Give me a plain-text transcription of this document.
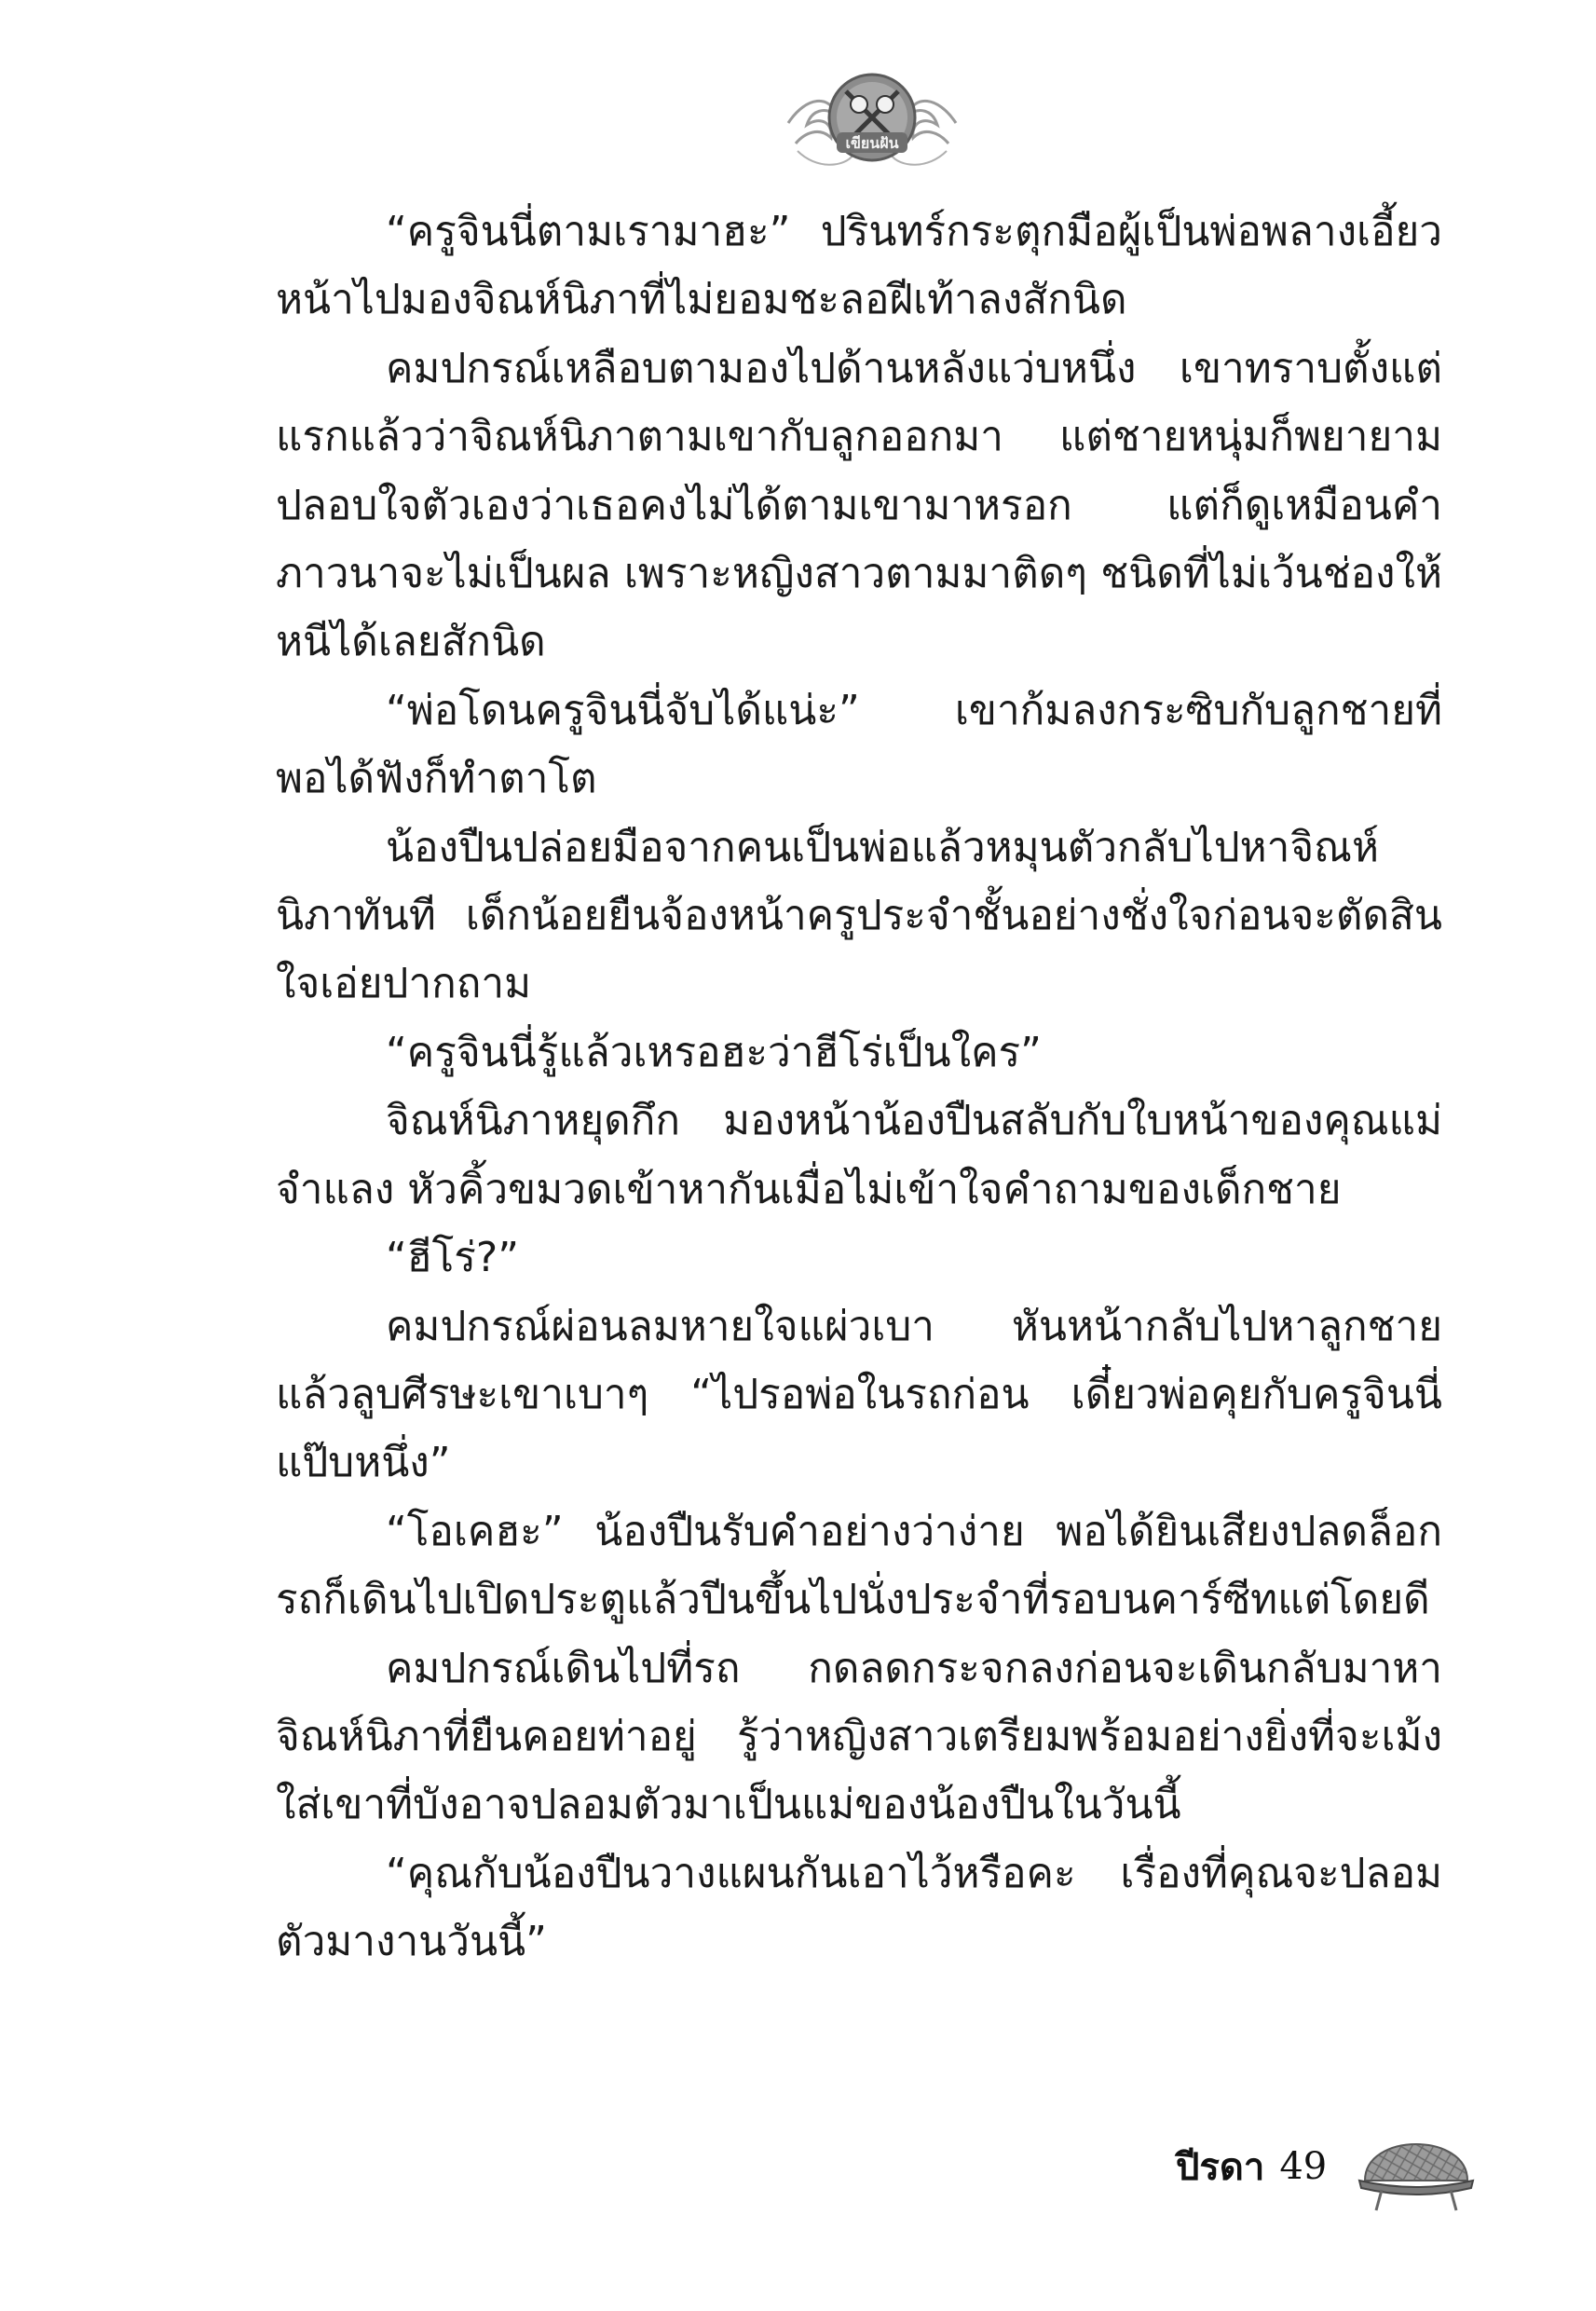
เขียนฝัน

“ครูจินนี่ตามเรามาฮะ” ปรินทร์กระตุกมือผู้เป็นพ่อพลางเอี้ยวหน้าไปมองจิณห์นิภาที่ไม่ยอมชะลอฝีเท้าลงสักนิด

คมปกรณ์เหลือบตามองไปด้านหลังแว่บหนึ่ง เขาทราบตั้งแต่แรกแล้วว่าจิณห์นิภาตามเขากับลูกออกมา แต่ชายหนุ่มก็พยายามปลอบใจตัวเองว่าเธอคงไม่ได้ตามเขามาหรอก แต่ก็ดูเหมือนคำภาวนาจะไม่เป็นผล เพราะหญิงสาวตามมาติดๆ ชนิดที่ไม่เว้นช่องให้หนีได้เลยสักนิด

“พ่อโดนครูจินนี่จับได้แน่ะ” เขาก้มลงกระซิบกับลูกชายที่พอได้ฟังก็ทำตาโต

น้องปืนปล่อยมือจากคนเป็นพ่อแล้วหมุนตัวกลับไปหาจิณห์นิภาทันที เด็กน้อยยืนจ้องหน้าครูประจำชั้นอย่างชั่งใจก่อนจะตัดสินใจเอ่ยปากถาม

“ครูจินนี่รู้แล้วเหรอฮะว่าฮีโร่เป็นใคร”

จิณห์นิภาหยุดกึก มองหน้าน้องปืนสลับกับใบหน้าของคุณแม่จำแลง หัวคิ้วขมวดเข้าหากันเมื่อไม่เข้าใจคำถามของเด็กชาย

“ฮีโร่?”

คมปกรณ์ผ่อนลมหายใจแผ่วเบา หันหน้ากลับไปหาลูกชายแล้วลูบศีรษะเขาเบาๆ “ไปรอพ่อในรถก่อน เดี๋ยวพ่อคุยกับครูจินนี่แป๊บหนึ่ง”

“โอเคฮะ” น้องปืนรับคำอย่างว่าง่าย พอได้ยินเสียงปลดล็อกรถก็เดินไปเปิดประตูแล้วปีนขึ้นไปนั่งประจำที่รอบนคาร์ซีทแต่โดยดี

คมปกรณ์เดินไปที่รถ กดลดกระจกลงก่อนจะเดินกลับมาหาจิณห์นิภาที่ยืนคอยท่าอยู่ รู้ว่าหญิงสาวเตรียมพร้อมอย่างยิ่งที่จะเม้งใส่เขาที่บังอาจปลอมตัวมาเป็นแม่ของน้องปืนในวันนี้

“คุณกับน้องปืนวางแผนกันเอาไว้หรือคะ เรื่องที่คุณจะปลอมตัวมางานวันนี้”

ปีรดา 49
